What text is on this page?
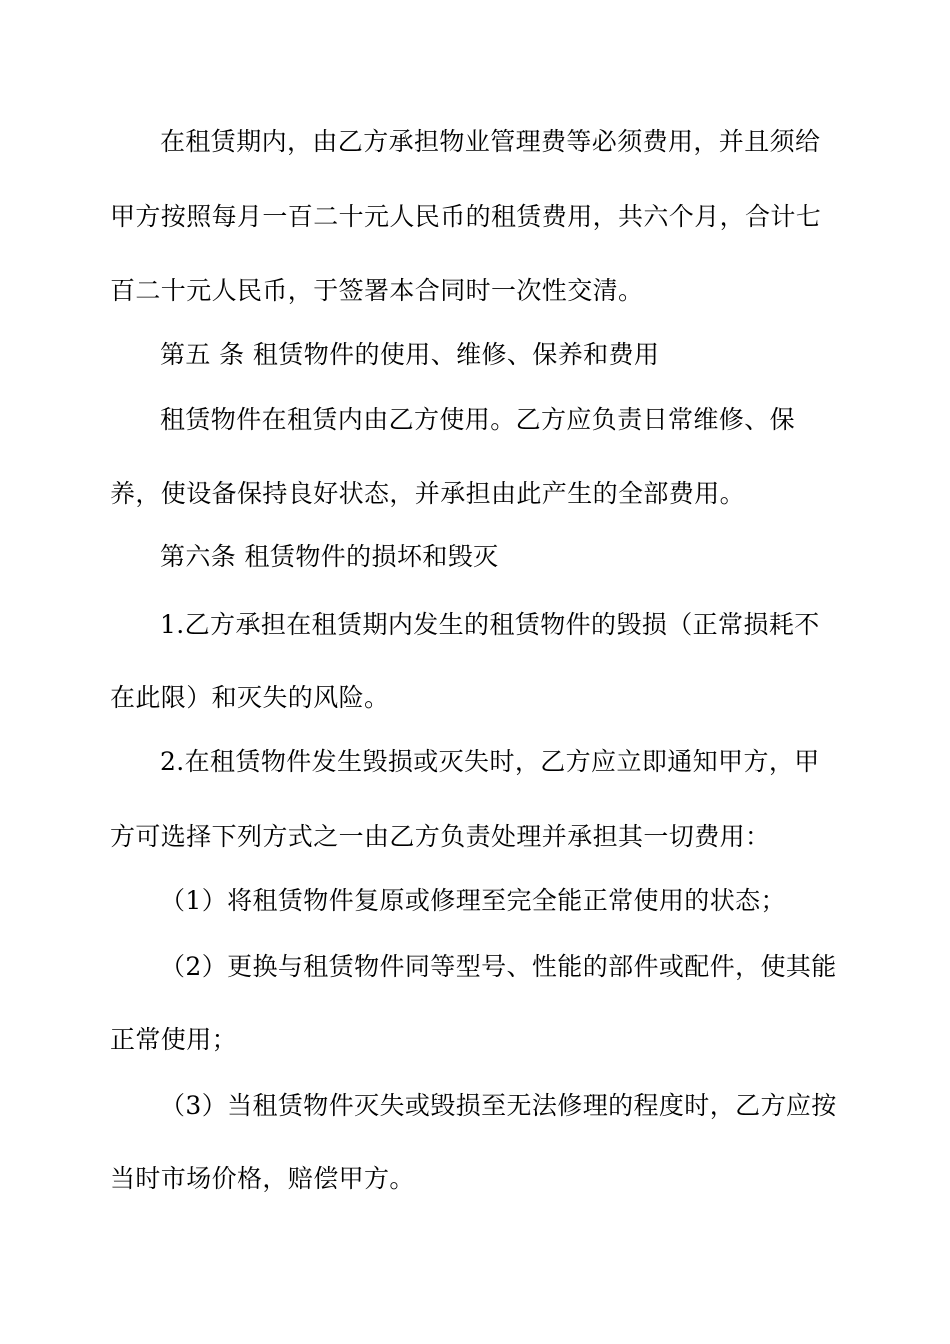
在租赁期内，由乙方承担物业管理费等必须费用，并且须给
甲方按照每月一百二十元人民币的租赁费用，共六个月，合计七
百二十元人民币，于签署本合同时一次性交清。
第五 条 租赁物件的使用、维修、保养和费用
租赁物件在租赁内由乙方使用。乙方应负责日常维修、保
养，使设备保持良好状态，并承担由此产生的全部费用。
第六条 租赁物件的损坏和毁灭
1.乙方承担在租赁期内发生的租赁物件的毁损（正常损耗不
在此限）和灭失的风险。
2.在租赁物件发生毁损或灭失时，乙方应立即通知甲方，甲
方可选择下列方式之一由乙方负责处理并承担其一切费用：
（1）将租赁物件复原或修理至完全能正常使用的状态；
（2）更换与租赁物件同等型号、性能的部件或配件，使其能
正常使用；
（3）当租赁物件灭失或毁损至无法修理的程度时，乙方应按
当时市场价格，赔偿甲方。
